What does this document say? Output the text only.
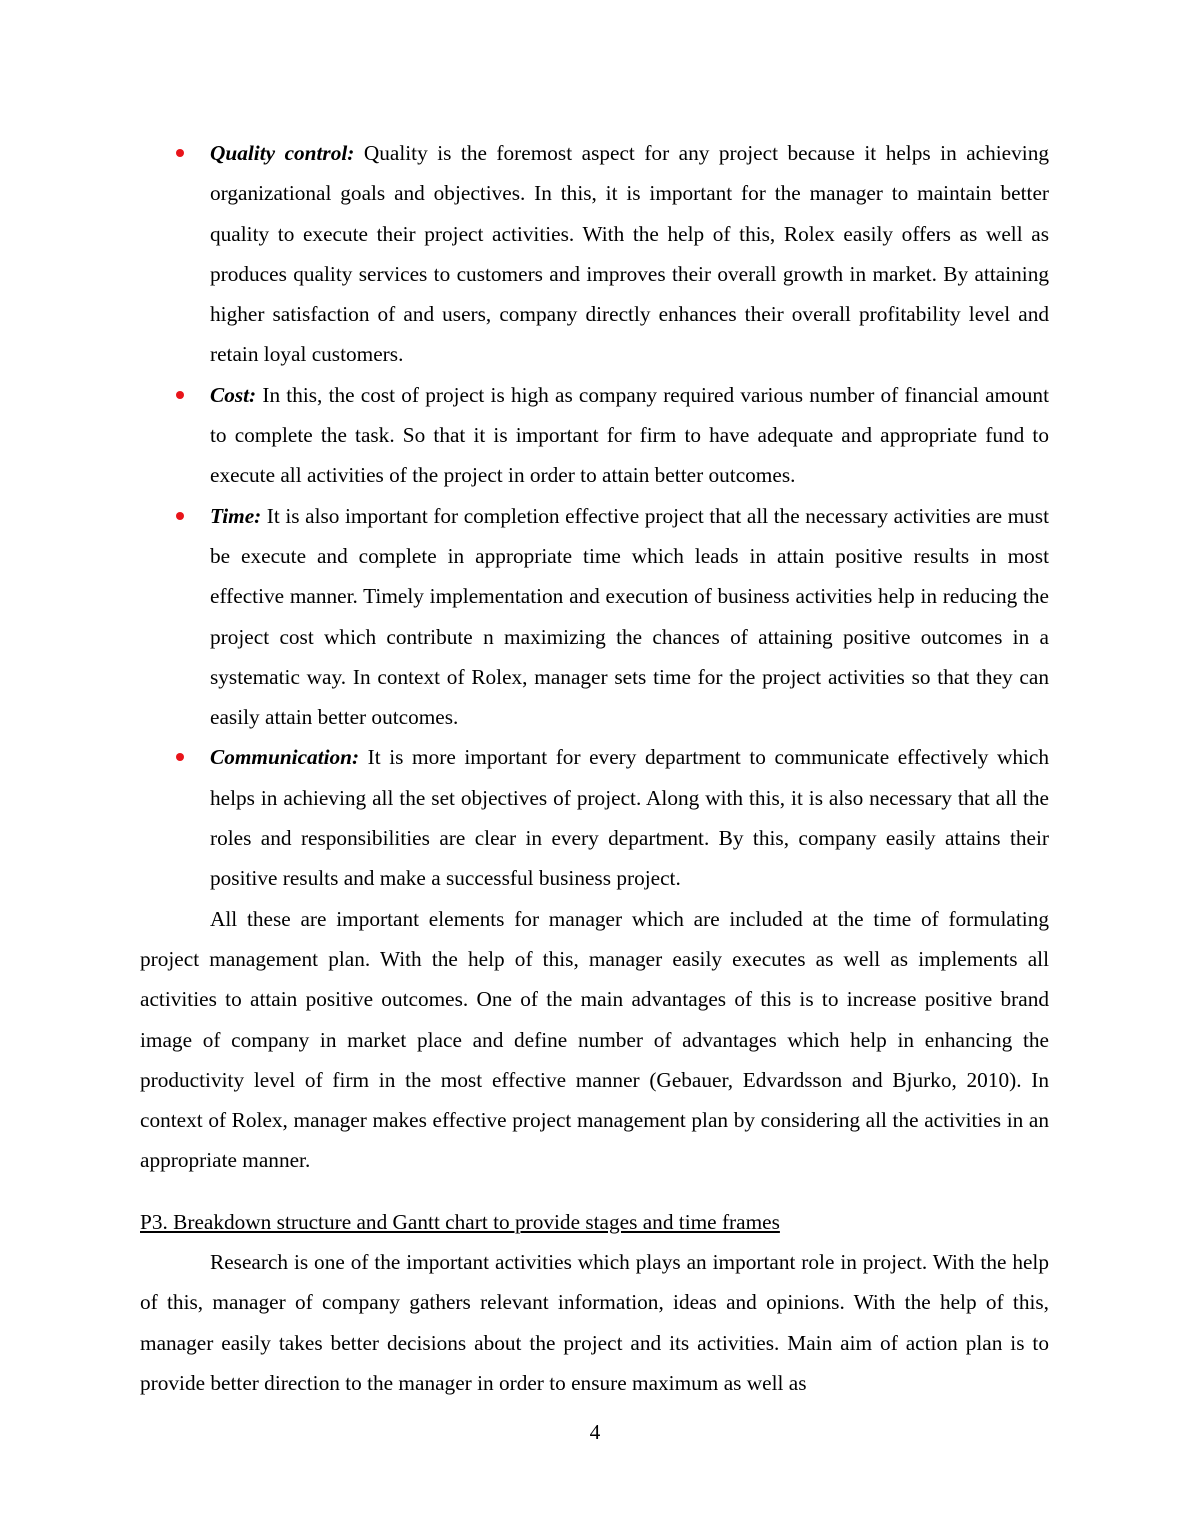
Quality control: Quality is the foremost aspect for any project because it helps in achieving organizational goals and objectives. In this, it is important for the manager to maintain better quality to execute their project activities. With the help of this, Rolex easily offers as well as produces quality services to customers and improves their overall growth in market. By attaining higher satisfaction of and users, company directly enhances their overall profitability level and retain loyal customers.
Cost: In this, the cost of project is high as company required various number of financial amount to complete the task. So that it is important for firm to have adequate and appropriate fund to execute all activities of the project in order to attain better outcomes.
Time: It is also important for completion effective project that all the necessary activities are must be execute and complete in appropriate time which leads in attain positive results in most effective manner. Timely implementation and execution of business activities help in reducing the project cost which contribute n maximizing the chances of attaining positive outcomes in a systematic way. In context of Rolex, manager sets time for the project activities so that they can easily attain better outcomes.
Communication: It is more important for every department to communicate effectively which helps in achieving all the set objectives of project. Along with this, it is also necessary that all the roles and responsibilities are clear in every department. By this, company easily attains their positive results and make a successful business project.

All these are important elements for manager which are included at the time of formulating project management plan. With the help of this, manager easily executes as well as implements all activities to attain positive outcomes. One of the main advantages of this is to increase positive brand image of company in market place and define number of advantages which help in enhancing the productivity level of firm in the most effective manner (Gebauer, Edvardsson and Bjurko, 2010). In context of Rolex, manager makes effective project management plan by considering all the activities in an appropriate manner.

P3. Breakdown structure and Gantt chart to provide stages and time frames

Research is one of the important activities which plays an important role in project. With the help of this, manager of company gathers relevant information, ideas and opinions. With the help of this, manager easily takes better decisions about the project and its activities. Main aim of action plan is to provide better direction to the manager in order to ensure maximum as well as

4
